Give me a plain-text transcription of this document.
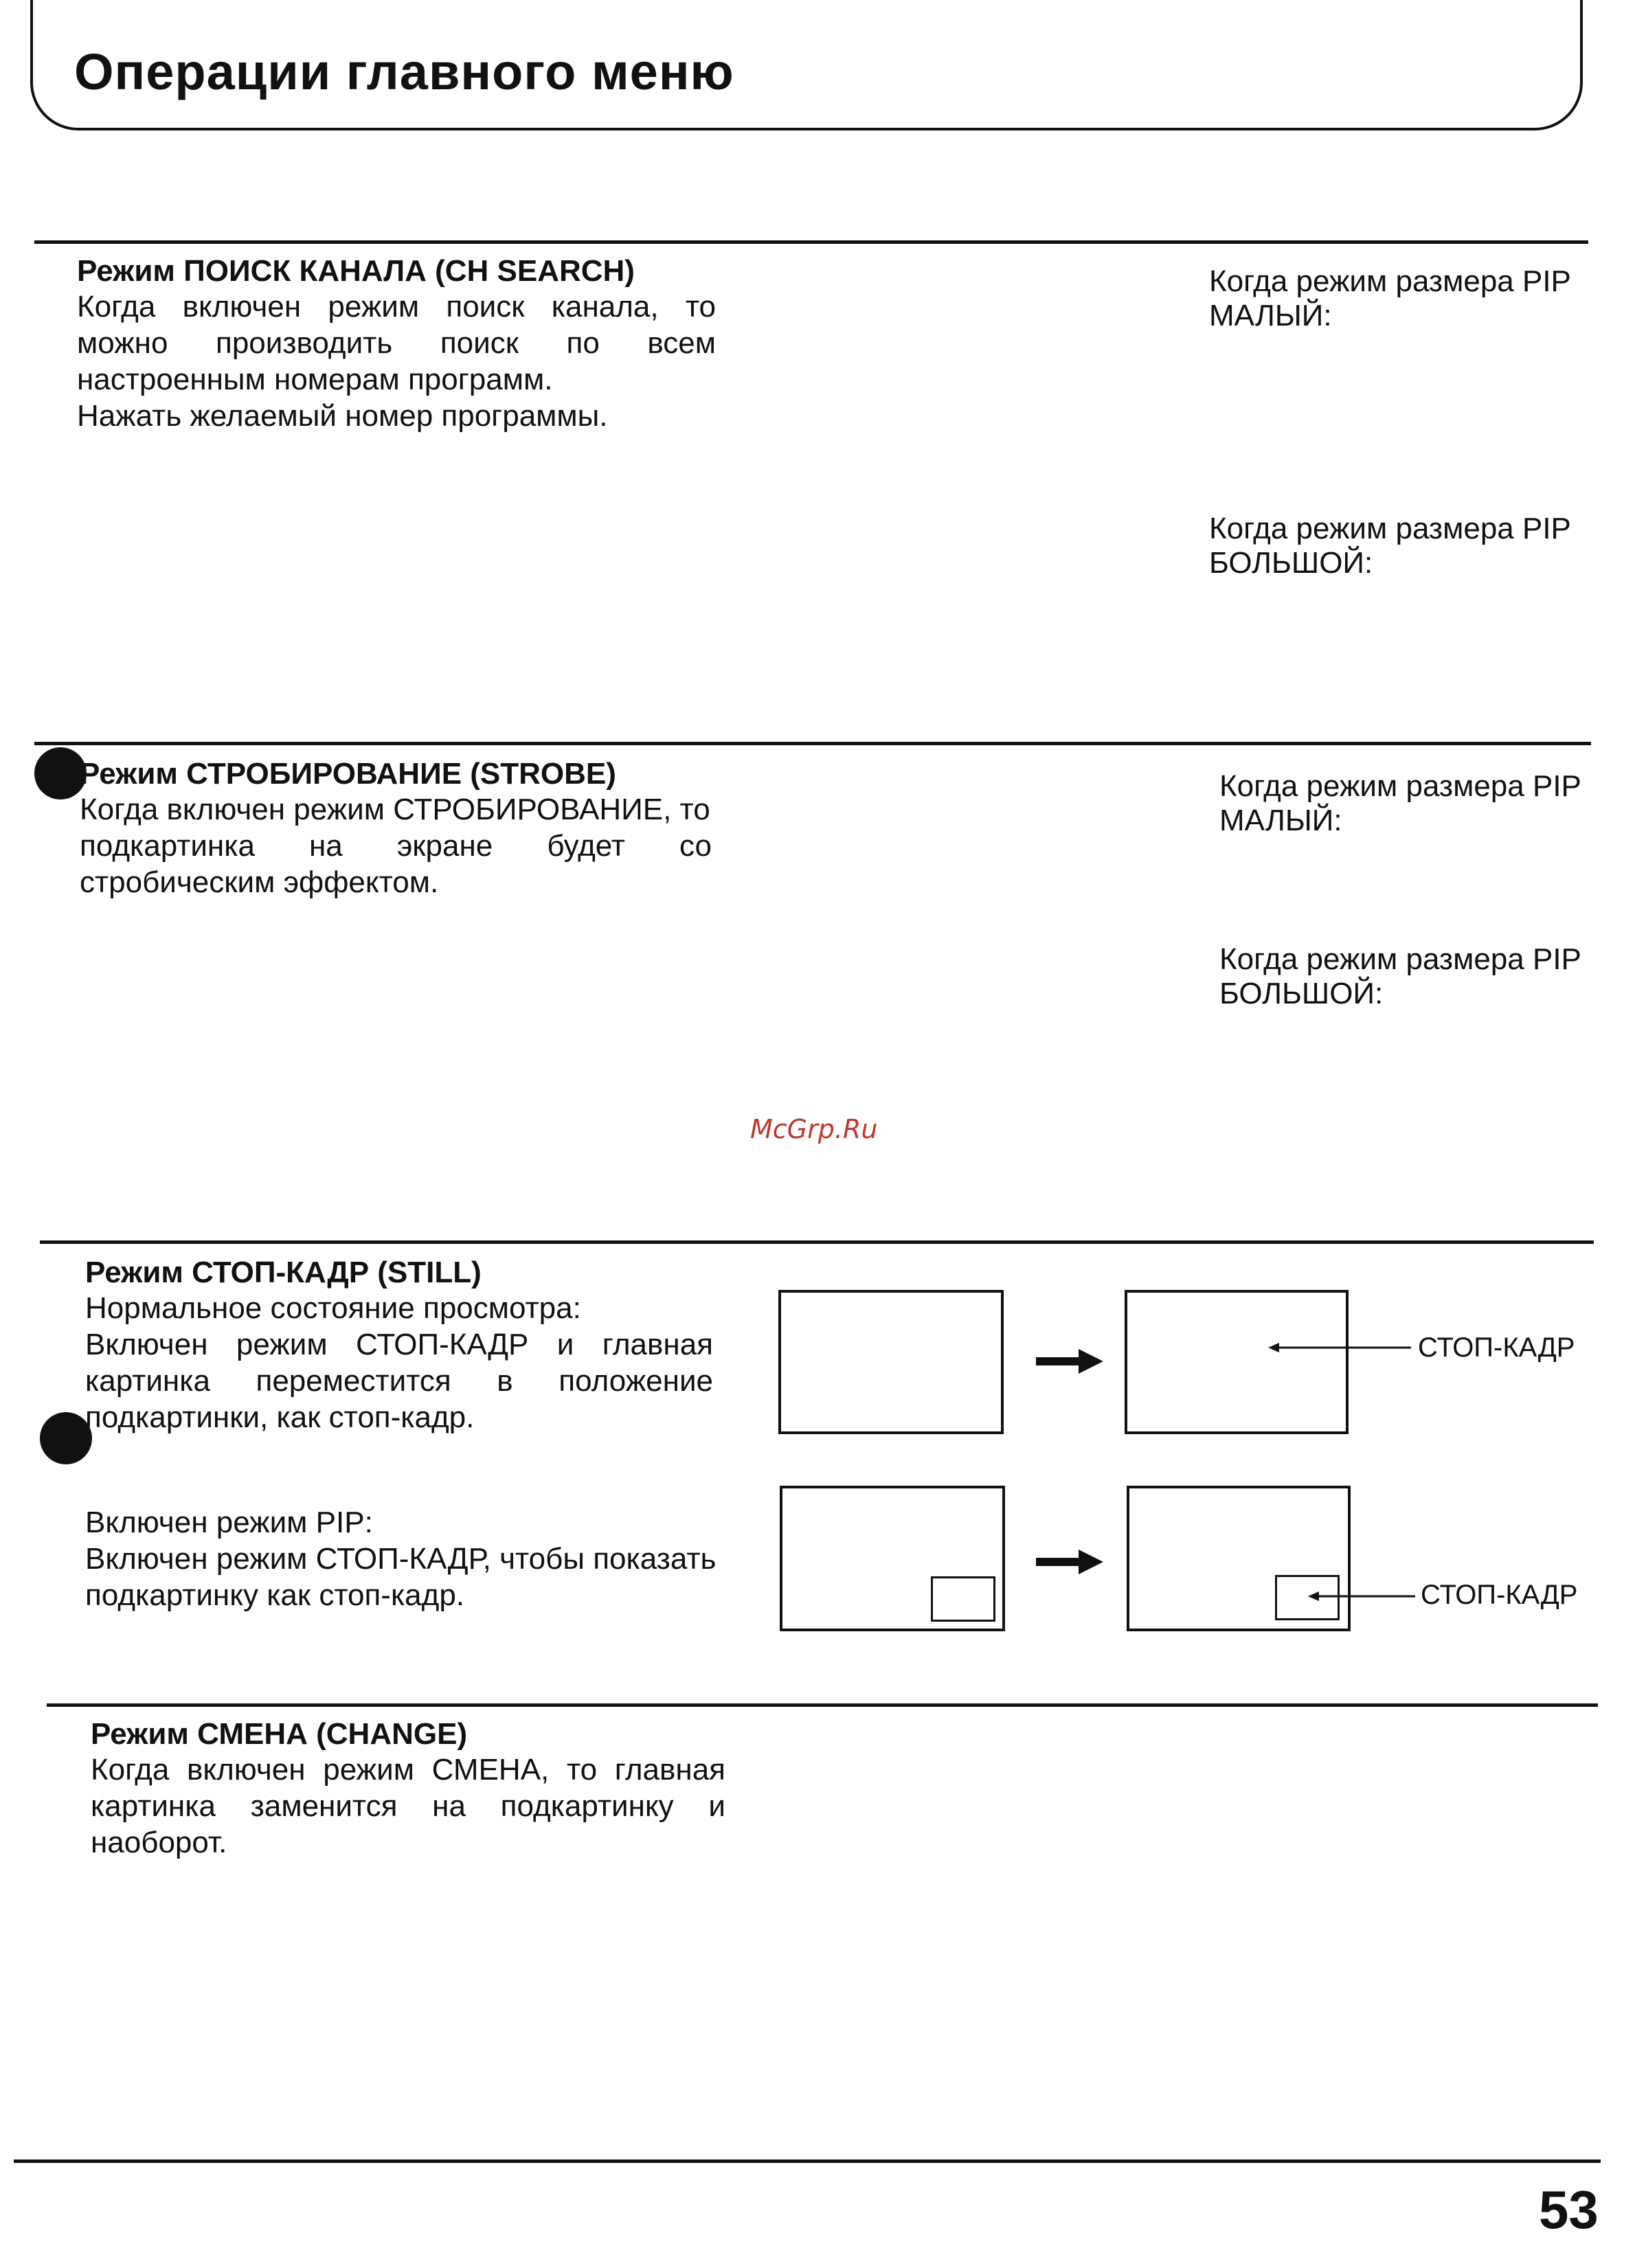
Операции главного меню
Режим ПОИСК КАНАЛА (CH SEARCH)
Когда включен режим поиск канала, то
можно производить поиск по всем
настроенным номерам программ.
Нажать желаемый номер программы.
Когда режим размера PIP
МАЛЫЙ:
Когда режим размера PIP
БОЛЬШОЙ:
Режим СТРОБИРОВАНИЕ (STROBE)
Когда включен режим СТРОБИРОВАНИЕ, то
подкартинка на экране будет со
стробическим эффектом.
Когда режим размера PIP
МАЛЫЙ:
Когда режим размера PIP
БОЛЬШОЙ:
McGrp.Ru
Режим СТОП-КАДР (STILL)
Нормальное состояние просмотра:
Включен режим СТОП-КАДР и главная
картинка переместится в положение
подкартинки, как стоп-кадр.
Включен режим PIP:
Включен режим СТОП-КАДР, чтобы показать
подкартинку как стоп-кадр.
СТОП-КАДР
СТОП-КАДР
Режим СМЕНА (CHANGE)
Когда включен режим СМЕНА, то главная
картинка заменится на подкартинку и
наоборот.
53
